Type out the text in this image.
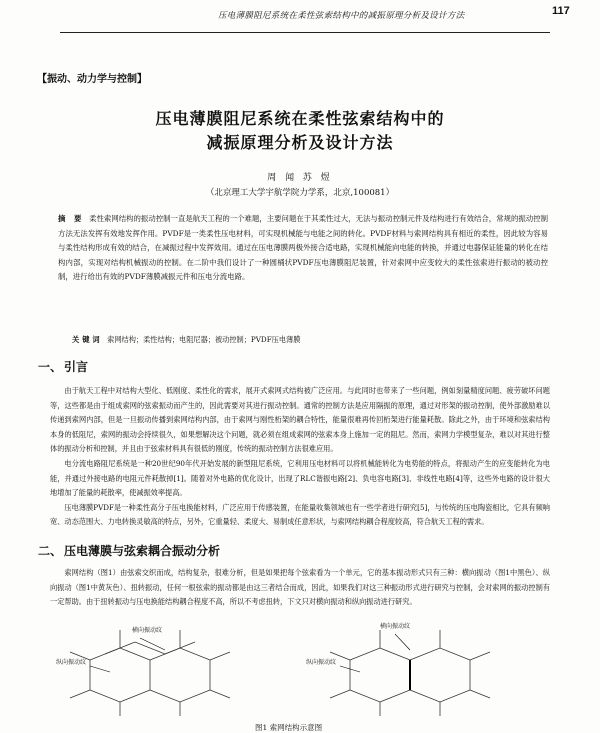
压电薄膜阻尼系统在柔性弦索结构中的减振原理分析及设计方法	117
【振动、动力学与控制】
压电薄膜阻尼系统在柔性弦索结构中的
减振原理分析及设计方法
周 闻 苏 煜
（北京理工大学宇航学院力学系，北京,100081）
摘 要 柔性索网结构的振动控制一直是航天工程的一个难题，主要问题在于其柔性过大，无法与振动控制元件及结构进行有效结合，常规的振动控制方法无法发挥有效地发挥作用。PVDF是一类柔性压电材料，可实现机械能与电能之间的转化。PVDF材料与索网结构具有相近的柔性，因此较为容易与柔性结构形成有效的结合，在减振过程中发挥效用。通过在压电薄膜两极外接合适电路，实现机械能向电能的转换，并通过电器保证能量的转化在结构内部，实现对结构机械振动的控制。在二阶中我们设计了一种圆桶状PVDF压电薄膜阻尼装置，针对索网中应变较大的柔性弦索进行振动的被动控制，进行给出有效的PVDF薄膜减振元件和压电分流电路。
关键词 索网结构；柔性结构；电阻尼器；被动控制；PVDF压电薄膜
一、 引言

由于航天工程中对结构大型化、低刚度、柔性化的需求，展开式索网式结构被广泛应用。与此同时也带来了一些问题，例如刻量精度问题、疲劳破坏问题等，这些都是由于组成索网的弦索振动而产生的，因此需要对其进行振动控制。通常的控制方法是应用隔振的原理，通过对形架的振动控制，使外部激励难以传递到索网内部，但是一旦振动传播到索网结构内部，由于索网与刚性桁架的耦合特性，能量很难再传回桁架进行能量耗散。除此之外，由于环境和弦索结构本身的低阻尼，索网的振动会持续很久，如果想解决这个问题，就必须在组成索网的弦索本身上施加一定的阻尼。然而，索网力学模型复杂，难以对其进行整体的振动分析和控制，并且由于弦索材料具有很低的刚度，传统的振动控制方法很难应用。

电分流电路阻尼系统是一种20世纪90年代开始发展的新型阻尼系统，它利用压电材料可以将机械能转化为电势能的特点，将振动产生的应变能转化为电能，并通过外接电路的电阻元件耗散掉[1]。随着对外电路的优化设计，出现了RLC谐振电路[2]、负电容电路[3]、非线性电路[4]等，这些外电路的设计很大地增加了能量的耗散率，使减振效率提高。

压电薄膜PVDF是一种柔性高分子压电换能材料，广泛应用于传感装置，在能量收集领域也有一些学者进行研究[5]，与传统的压电陶瓷相比，它具有频响宽、动态范围大、力电转换灵敏高的特点，另外，它重量轻、柔度大、易制成任意形状，与索网结构耦合程度较高，符合航天工程的需求。

二、 压电薄膜与弦索耦合振动分析

索网结构（图1）由弦索交织而成，结构复杂，很难分析，但是如果把每个弦索看为一个单元，它的基本振动形式只有三种：横向振动（图1中黑色）、纵向振动（图1中黄灰色）、扭转振动，任何一根弦索的振动都是由这三者结合而成，因此，如果我们对这三种振动形式进行研究与控制，会对索网的振动控制有一定帮助。由于扭转振动与压电换能结构耦合程度不高，所以不考虑扭转，下文只对横向振动和纵向振动进行研究。

横向振动纹
纵向振动纹
横向振动纹
纵向振动纹
图1 索网结构示意图
